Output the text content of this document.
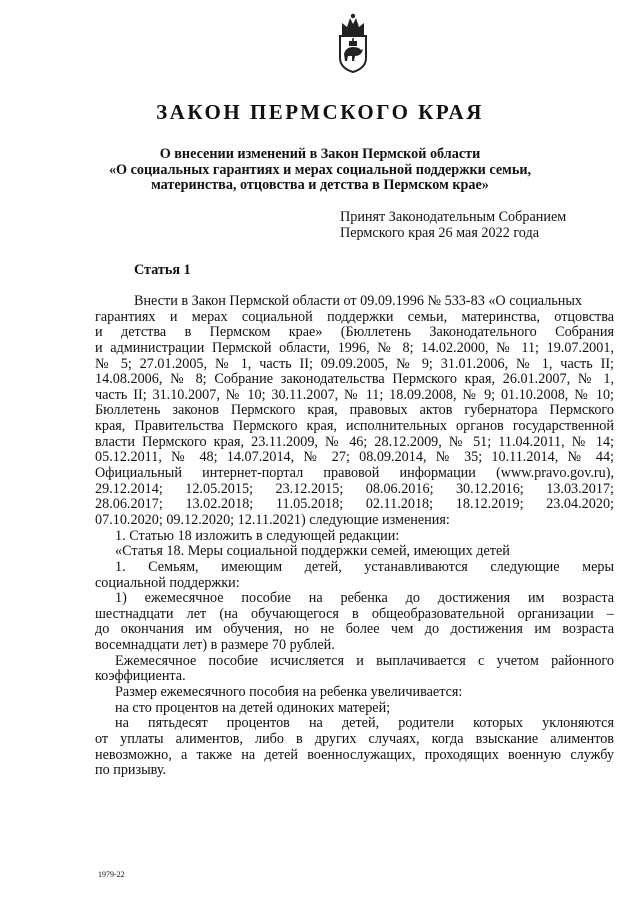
ЗАКОН ПЕРМСКОГО КРАЯ
О внесении изменений в Закон Пермской области
«О социальных гарантиях и мерах социальной поддержки семьи,
материнства, отцовства и детства в Пермском крае»
Принят Законодательным Собранием
Пермского края 26 мая 2022 года
Статья 1
Внести в Закон Пермской области от 09.09.1996 № 533-83 «О социальных
гарантиях и мерах социальной поддержки семьи, материнства, отцовства
и детства в Пермском крае» (Бюллетень Законодательного Собрания
и администрации Пермской области, 1996, № 8; 14.02.2000, № 11; 19.07.2001,
№ 5; 27.01.2005, № 1, часть II; 09.09.2005, № 9; 31.01.2006, № 1, часть II;
14.08.2006, № 8; Собрание законодательства Пермского края, 26.01.2007, № 1,
часть II; 31.10.2007, № 10; 30.11.2007, № 11; 18.09.2008, № 9; 01.10.2008, № 10;
Бюллетень законов Пермского края, правовых актов губернатора Пермского
края, Правительства Пермского края, исполнительных органов государственной
власти Пермского края, 23.11.2009, № 46; 28.12.2009, № 51; 11.04.2011, № 14;
05.12.2011, № 48; 14.07.2014, № 27; 08.09.2014, № 35; 10.11.2014, № 44;
Официальный интернет-портал правовой информации (www.pravo.gov.ru),
29.12.2014; 12.05.2015; 23.12.2015; 08.06.2016; 30.12.2016; 13.03.2017;
28.06.2017; 13.02.2018; 11.05.2018; 02.11.2018; 18.12.2019; 23.04.2020;
07.10.2020; 09.12.2020; 12.11.2021) следующие изменения:
1. Статью 18 изложить в следующей редакции:
«Статья 18. Меры социальной поддержки семей, имеющих детей
1. Семьям, имеющим детей, устанавливаются следующие меры
социальной поддержки:
1) ежемесячное пособие на ребенка до достижения им возраста
шестнадцати лет (на обучающегося в общеобразовательной организации –
до окончания им обучения, но не более чем до достижения им возраста
восемнадцати лет) в размере 70 рублей.
Ежемесячное пособие исчисляется и выплачивается с учетом районного
коэффициента.
Размер ежемесячного пособия на ребенка увеличивается:
на сто процентов на детей одиноких матерей;
на пятьдесят процентов на детей, родители которых уклоняются
от уплаты алиментов, либо в других случаях, когда взыскание алиментов
невозможно, а также на детей военнослужащих, проходящих военную службу
по призыву.
1979-22
